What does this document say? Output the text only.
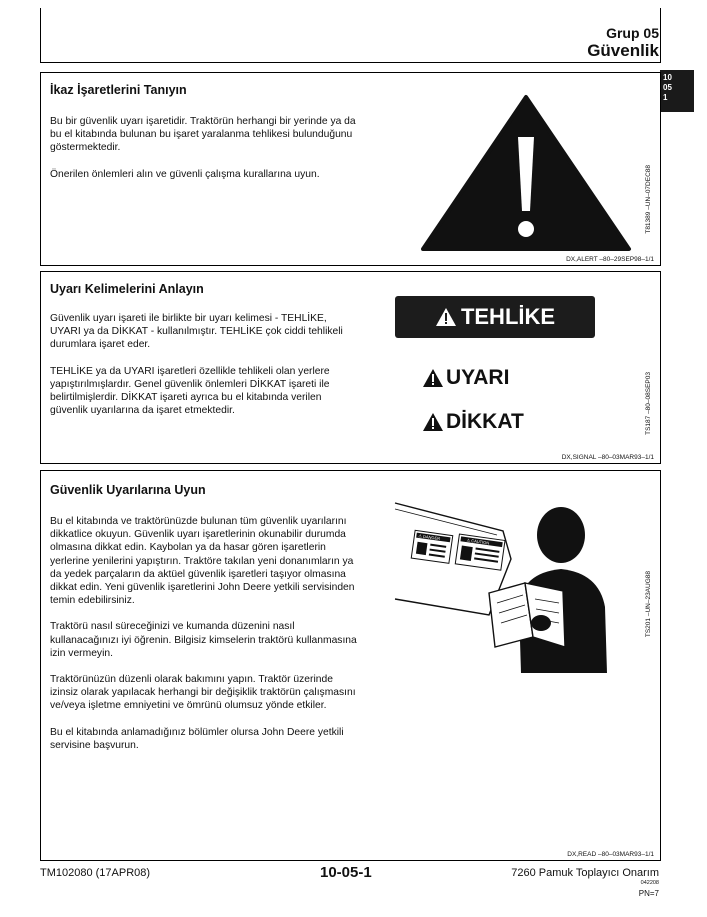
Grup 05
Güvenlik
10
05
1
İkaz İşaretlerini Tanıyın

Bu bir güvenlik uyarı işaretidir. Traktörün herhangi bir yerinde ya da bu el kitabında bulunan bu işaret yaralanma tehlikesi bulunduğunu göstermektedir.

Önerilen önlemleri alın ve güvenli çalışma kurallarına uyun.	T81389 –UN–07DEC88
DX,ALERT –80–29SEP98–1/1
Uyarı Kelimelerini Anlayın

Güvenlik uyarı işareti ile birlikte bir uyarı kelimesi - TEHLİKE, UYARI ya da DİKKAT - kullanılmıştır. TEHLİKE çok ciddi tehlikeli durumlara işaret eder.

TEHLİKE ya da UYARI işaretleri özellikle tehlikeli olan yerlere yapıştırılmışlardır. Genel güvenlik önlemleri DİKKAT işareti ile belirtilmişlerdir. DİKKAT işareti ayrıca bu el kitabında verilen güvenlik uyarılarına da işaret etmektedir.

TEHLİKE
UYARI
DİKKAT	TS187 –80–08SEP03
DX,SIGNAL –80–03MAR93–1/1
Güvenlik Uyarılarına Uyun

Bu el kitabında ve traktörünüzde bulunan tüm güvenlik uyarılarını dikkatlice okuyun. Güvenlik uyarı işaretlerinin okunabilir durumda olmasına dikkat edin. Kaybolan ya da hasar gören işaretlerin yerlerine yenilerini yapıştırın. Traktöre takılan yeni donanımların ya da yedek parçaların da aktüel güvenlik işaretleri taşıyor olmasına dikkat edin. Yeni güvenlik işaretlerini John Deere yetkili servisinden temin edebilirsiniz.

Traktörü nasıl süreceğinizi ve kumanda düzenini nasıl kullanacağınızı iyi öğrenin. Bilgisiz kimselerin traktörü kullanmasına izin vermeyin.

Traktörünüzün düzenli olarak bakımını yapın. Traktör üzerinde izinsiz olarak yapılacak herhangi bir değişiklik traktörün çalışmasını ve/veya işletme emniyetini ve ömrünü olumsuz yönde etkiler.

Bu el kitabında anlamadığınız bölümler olursa John Deere yetkili servisine başvurun.

⚠ DANGER
⚠ CAUTION
TS201 –UN–23AUG88
DX,READ –80–03MAR93–1/1
TM102080 (17APR08)	10-05-1	7260 Pamuk Toplayıcı Onarım
042208
PN=7
